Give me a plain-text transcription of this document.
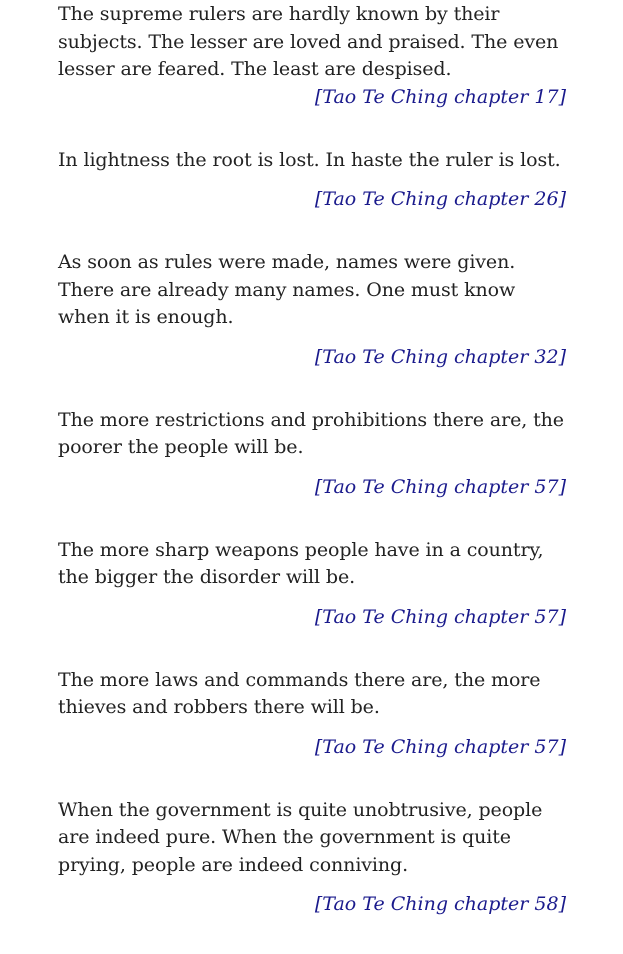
The supreme rulers are hardly known by their subjects. The lesser are loved and praised. The even lesser are feared. The least are despised.

[Tao Te Ching chapter 17]

In lightness the root is lost. In haste the ruler is lost.

[Tao Te Ching chapter 26]

As soon as rules were made, names were given. There are already many names. One must know when it is enough.

[Tao Te Ching chapter 32]

The more restrictions and prohibitions there are, the poorer the people will be.

[Tao Te Ching chapter 57]

The more sharp weapons people have in a country, the bigger the disorder will be.

[Tao Te Ching chapter 57]

The more laws and commands there are, the more thieves and robbers there will be.

[Tao Te Ching chapter 57]

When the government is quite unobtrusive, people are indeed pure. When the government is quite prying, people are indeed conniving.

[Tao Te Ching chapter 58]
